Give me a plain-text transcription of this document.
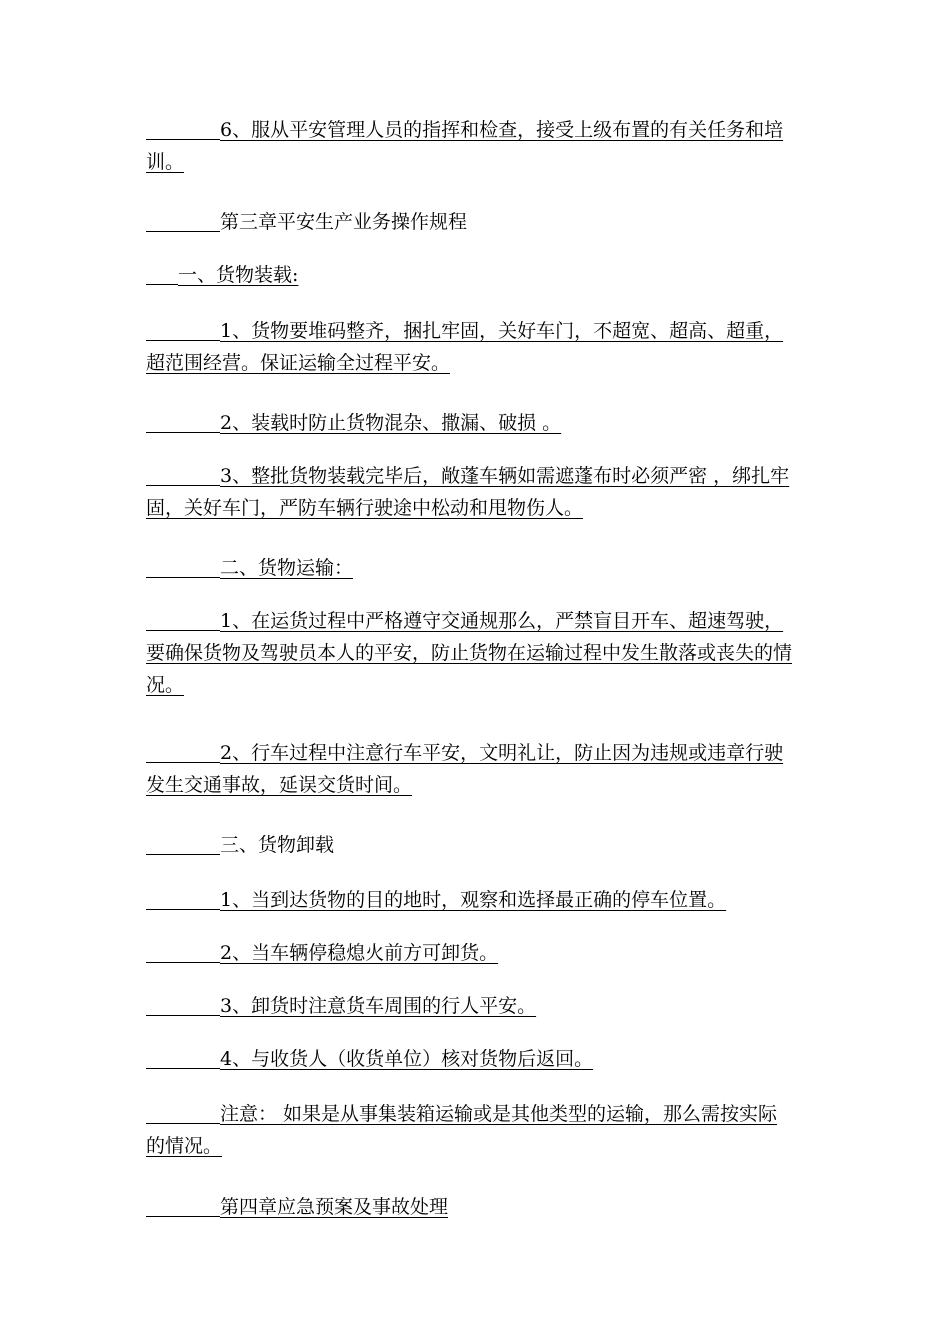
6、服从平安管理人员的指挥和检查，接受上级布置的有关任务和培训。

第三章平安生产业务操作规程

一、货物装载:

1、货物要堆码整齐，捆扎牢固，关好车门，不超宽、超高、超重，超范围经营。保证运输全过程平安。

2、装载时防止货物混杂、撒漏、破损 。

3、整批货物装载完毕后，敞蓬车辆如需遮蓬布时必须严密 ，绑扎牢固，关好车门，严防车辆行驶途中松动和甩物伤人。

二、货物运输：

1、在运货过程中严格遵守交通规那么，严禁盲目开车、超速驾驶，要确保货物及驾驶员本人的平安，防止货物在运输过程中发生散落或丧失的情况。

2、行车过程中注意行车平安，文明礼让，防止因为违规或违章行驶发生交通事故，延误交货时间。

三、货物卸载

1、当到达货物的目的地时，观察和选择最正确的停车位置。

2、当车辆停稳熄火前方可卸货。

3、卸货时注意货车周围的行人平安。

4、与收货人（收货单位）核对货物后返回。

注意： 如果是从事集装箱运输或是其他类型的运输，那么需按实际的情况。

第四章应急预案及事故处理
